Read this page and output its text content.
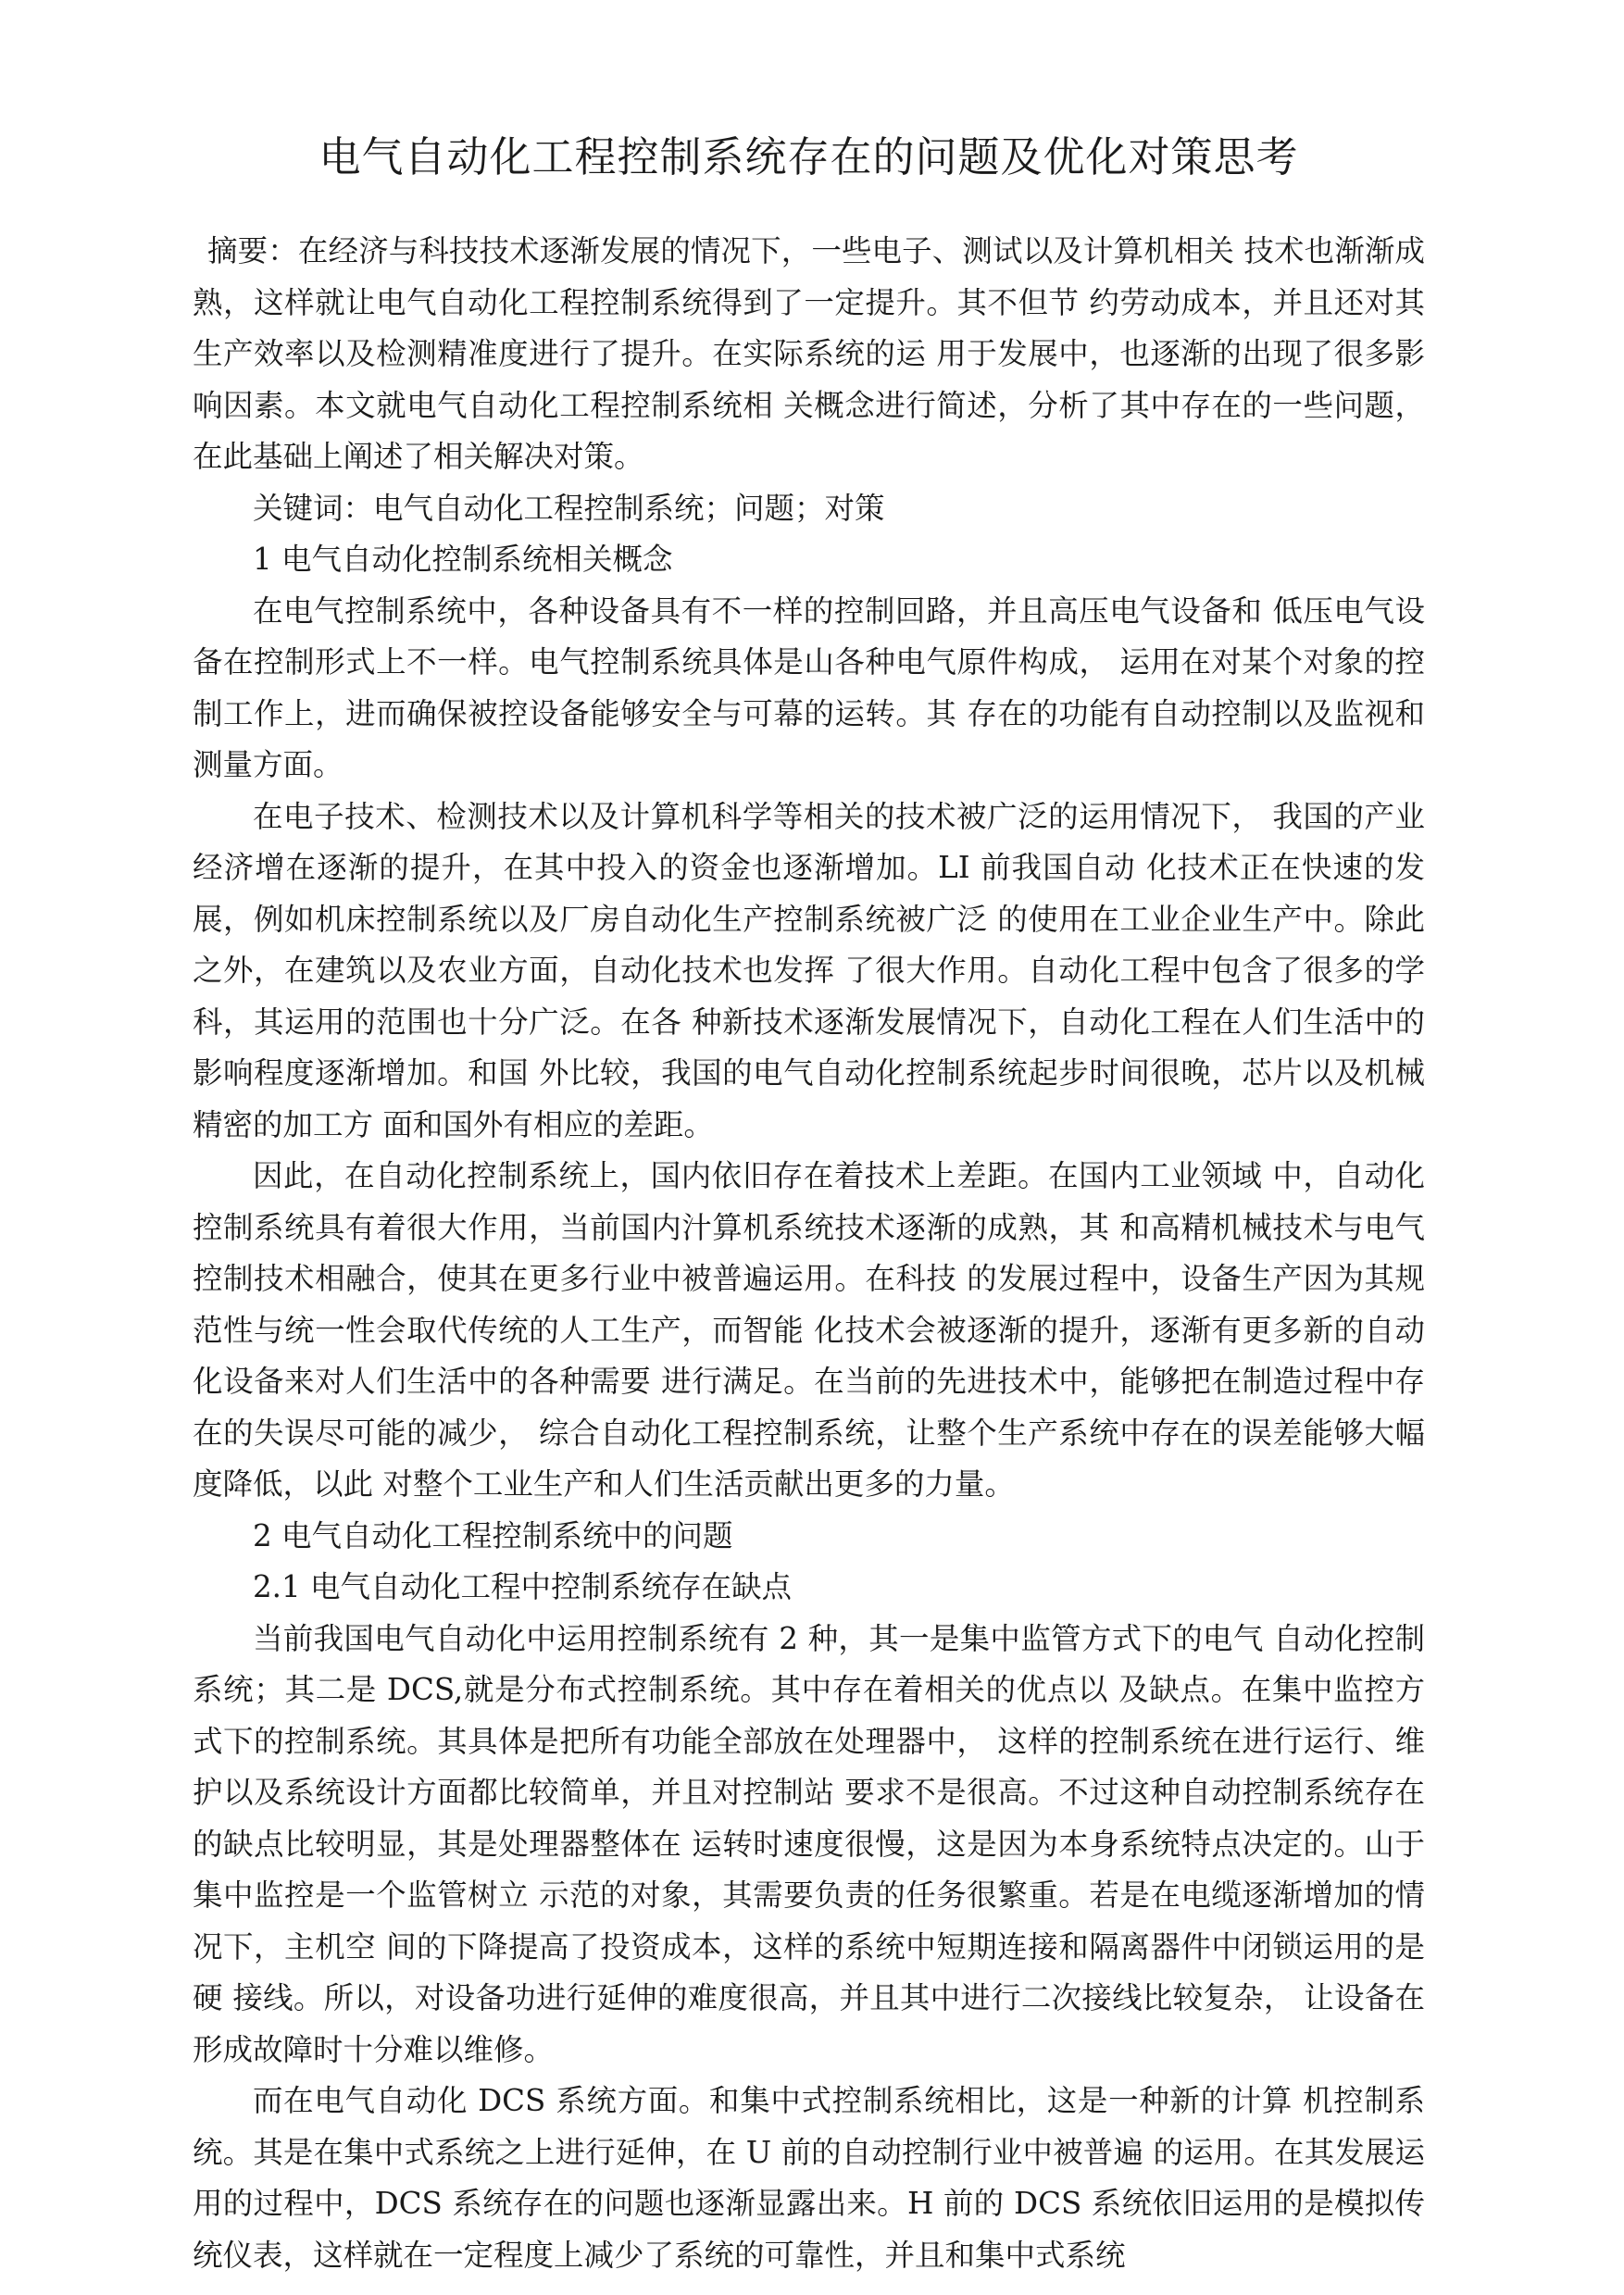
电气自动化工程控制系统存在的问题及优化对策思考

摘要：在经济与科技技术逐渐发展的情况下，一些电子、测试以及计算机相关 技术也渐渐成熟，这样就让电气自动化工程控制系统得到了一定提升。其不但节 约劳动成本，并且还对其生产效率以及检测精准度进行了提升。在实际系统的运 用于发展中，也逐渐的出现了很多影响因素。本文就电气自动化工程控制系统相 关概念进行简述，分析了其中存在的一些问题，在此基础上阐述了相关解决对策。

关键词：电气自动化工程控制系统；问题；对策

1 电气自动化控制系统相关概念

在电气控制系统中，各种设备具有不一样的控制回路，并且高压电气设备和 低压电气设备在控制形式上不一样。电气控制系统具体是山各种电气原件构成， 运用在对某个对象的控制工作上，进而确保被控设备能够安全与可幕的运转。其 存在的功能有自动控制以及监视和测量方面。

在电子技术、检测技术以及计算机科学等相关的技术被广泛的运用情况下， 我国的产业经济增在逐渐的提升，在其中投入的资金也逐渐增加。LI 前我国自动 化技术正在快速的发展，例如机床控制系统以及厂房自动化生产控制系统被广泛 的使用在工业企业生产中。除此之外，在建筑以及农业方面，自动化技术也发挥 了很大作用。自动化工程中包含了很多的学科，其运用的范围也十分广泛。在各 种新技术逐渐发展情况下，自动化工程在人们生活中的影响程度逐渐增加。和国 外比较，我国的电气自动化控制系统起步时间很晚，芯片以及机械精密的加工方 面和国外有相应的差距。

因此，在自动化控制系统上，国内依旧存在着技术上差距。在国内工业领域 中，自动化控制系统具有着很大作用，当前国内汁算机系统技术逐渐的成熟，其 和高精机械技术与电气控制技术相融合，使其在更多行业中被普遍运用。在科技 的发展过程中，设备生产因为其规范性与统一性会取代传统的人工生产，而智能 化技术会被逐渐的提升，逐渐有更多新的自动化设备来对人们生活中的各种需要 进行满足。在当前的先进技术中，能够把在制造过程中存在的失误尽可能的减少， 综合自动化工程控制系统，让整个生产系统中存在的误差能够大幅度降低，以此 对整个工业生产和人们生活贡献出更多的力量。

2 电气自动化工程控制系统中的问题

2.1 电气自动化工程中控制系统存在缺点

当前我国电气自动化中运用控制系统有 2 种，其一是集中监管方式下的电气 自动化控制系统；其二是 DCS,就是分布式控制系统。其中存在着相关的优点以 及缺点。在集中监控方式下的控制系统。其具体是把所有功能全部放在处理器中， 这样的控制系统在进行运行、维护以及系统设计方面都比较简单，并且对控制站 要求不是很高。不过这种自动控制系统存在的缺点比较明显，其是处理器整体在 运转时速度很慢，这是因为本身系统特点决定的。山于集中监控是一个监管树立 示范的对象，其需要负责的任务很繁重。若是在电缆逐渐增加的情况下，主机空 间的下降提高了投资成本，这样的系统中短期连接和隔离器件中闭锁运用的是硬 接线。所以，对设备功进行延伸的难度很高，并且其中进行二次接线比较复杂， 让设备在形成故障时十分难以维修。

而在电气自动化 DCS 系统方面。和集中式控制系统相比，这是一种新的计算 机控制系统。其是在集中式系统之上进行延伸，在 U 前的自动控制行业中被普遍 的运用。在其发展运用的过程中，DCS 系统存在的问题也逐渐显露出来。H 前的 DCS 系统依旧运用的是模拟传统仪表，这样就在一定程度上减少了系统的可靠性，并且和集中式系统
